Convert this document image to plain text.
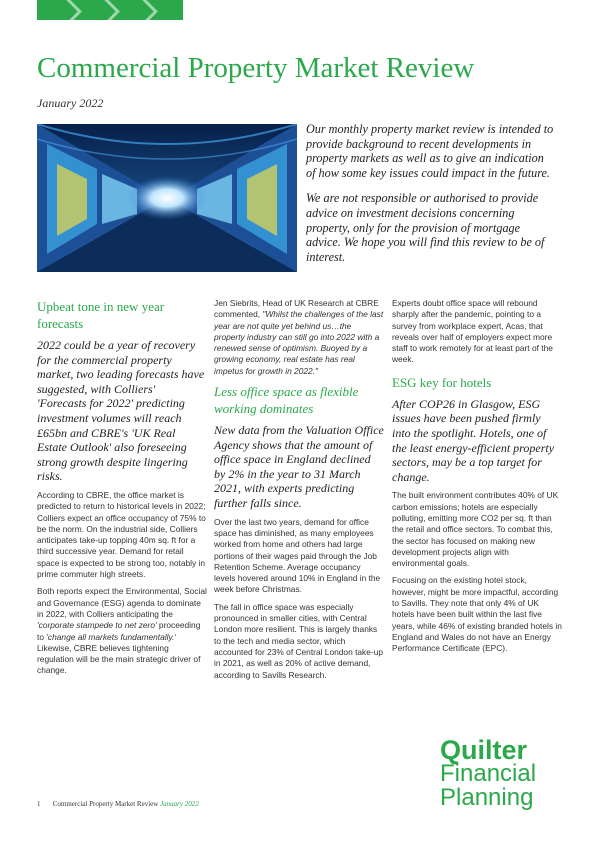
Commercial Property Market Review
January 2022

Our monthly property market review is intended to provide background to recent developments in property markets as well as to give an indication of how some key issues could impact in the future.

We are not responsible or authorised to provide advice on investment decisions concerning property, only for the provision of mortgage advice. We hope you will find this review to be of interest.

Upbeat tone in new year forecasts

2022 could be a year of recovery for the commercial property market, two leading forecasts have suggested, with Colliers' 'Forecasts for 2022' predicting investment volumes will reach £65bn and CBRE's 'UK Real Estate Outlook' also foreseeing strong growth despite lingering risks.

According to CBRE, the office market is predicted to return to historical levels in 2022; Colliers expect an office occupancy of 75% to be the norm. On the industrial side, Colliers anticipates take-up topping 40m sq. ft for a third successive year. Demand for retail space is expected to be strong too, notably in prime commuter high streets.

Both reports expect the Environmental, Social and Governance (ESG) agenda to dominate in 2022, with Colliers anticipating the 'corporate stampede to net zero' proceeding to 'change all markets fundamentally.' Likewise, CBRE believes tightening regulation will be the main strategic driver of change.

Jen Siebrits, Head of UK Research at CBRE commented, "Whilst the challenges of the last year are not quite yet behind us…the property industry can still go into 2022 with a renewed sense of optimism. Buoyed by a growing economy, real estate has real impetus for growth in 2022."

Less office space as flexible working dominates

New data from the Valuation Office Agency shows that the amount of office space in England declined by 2% in the year to 31 March 2021, with experts predicting further falls since.

Over the last two years, demand for office space has diminished, as many employees worked from home and others had large portions of their wages paid through the Job Retention Scheme. Average occupancy levels hovered around 10% in England in the week before Christmas.

The fall in office space was especially pronounced in smaller cities, with Central London more resilient. This is largely thanks to the tech and media sector, which accounted for 23% of Central London take-up in 2021, as well as 20% of active demand, according to Savills Research.

Experts doubt office space will rebound sharply after the pandemic, pointing to a survey from workplace expert, Acas, that reveals over half of employers expect more staff to work remotely for at least part of the week.

ESG key for hotels

After COP26 in Glasgow, ESG issues have been pushed firmly into the spotlight. Hotels, one of the least energy-efficient property sectors, may be a top target for change.

The built environment contributes 40% of UK carbon emissions; hotels are especially polluting, emitting more CO2 per sq. ft than the retail and office sectors. To combat this, the sector has focused on making new development projects align with environmental goals.

Focusing on the existing hotel stock, however, might be more impactful, according to Savills. They note that only 4% of UK hotels have been built within the last five years, while 46% of existing branded hotels in England and Wales do not have an Energy Performance Certificate (EPC).

Quilter
Financial
Planning
1 Commercial Property Market Review January 2022
